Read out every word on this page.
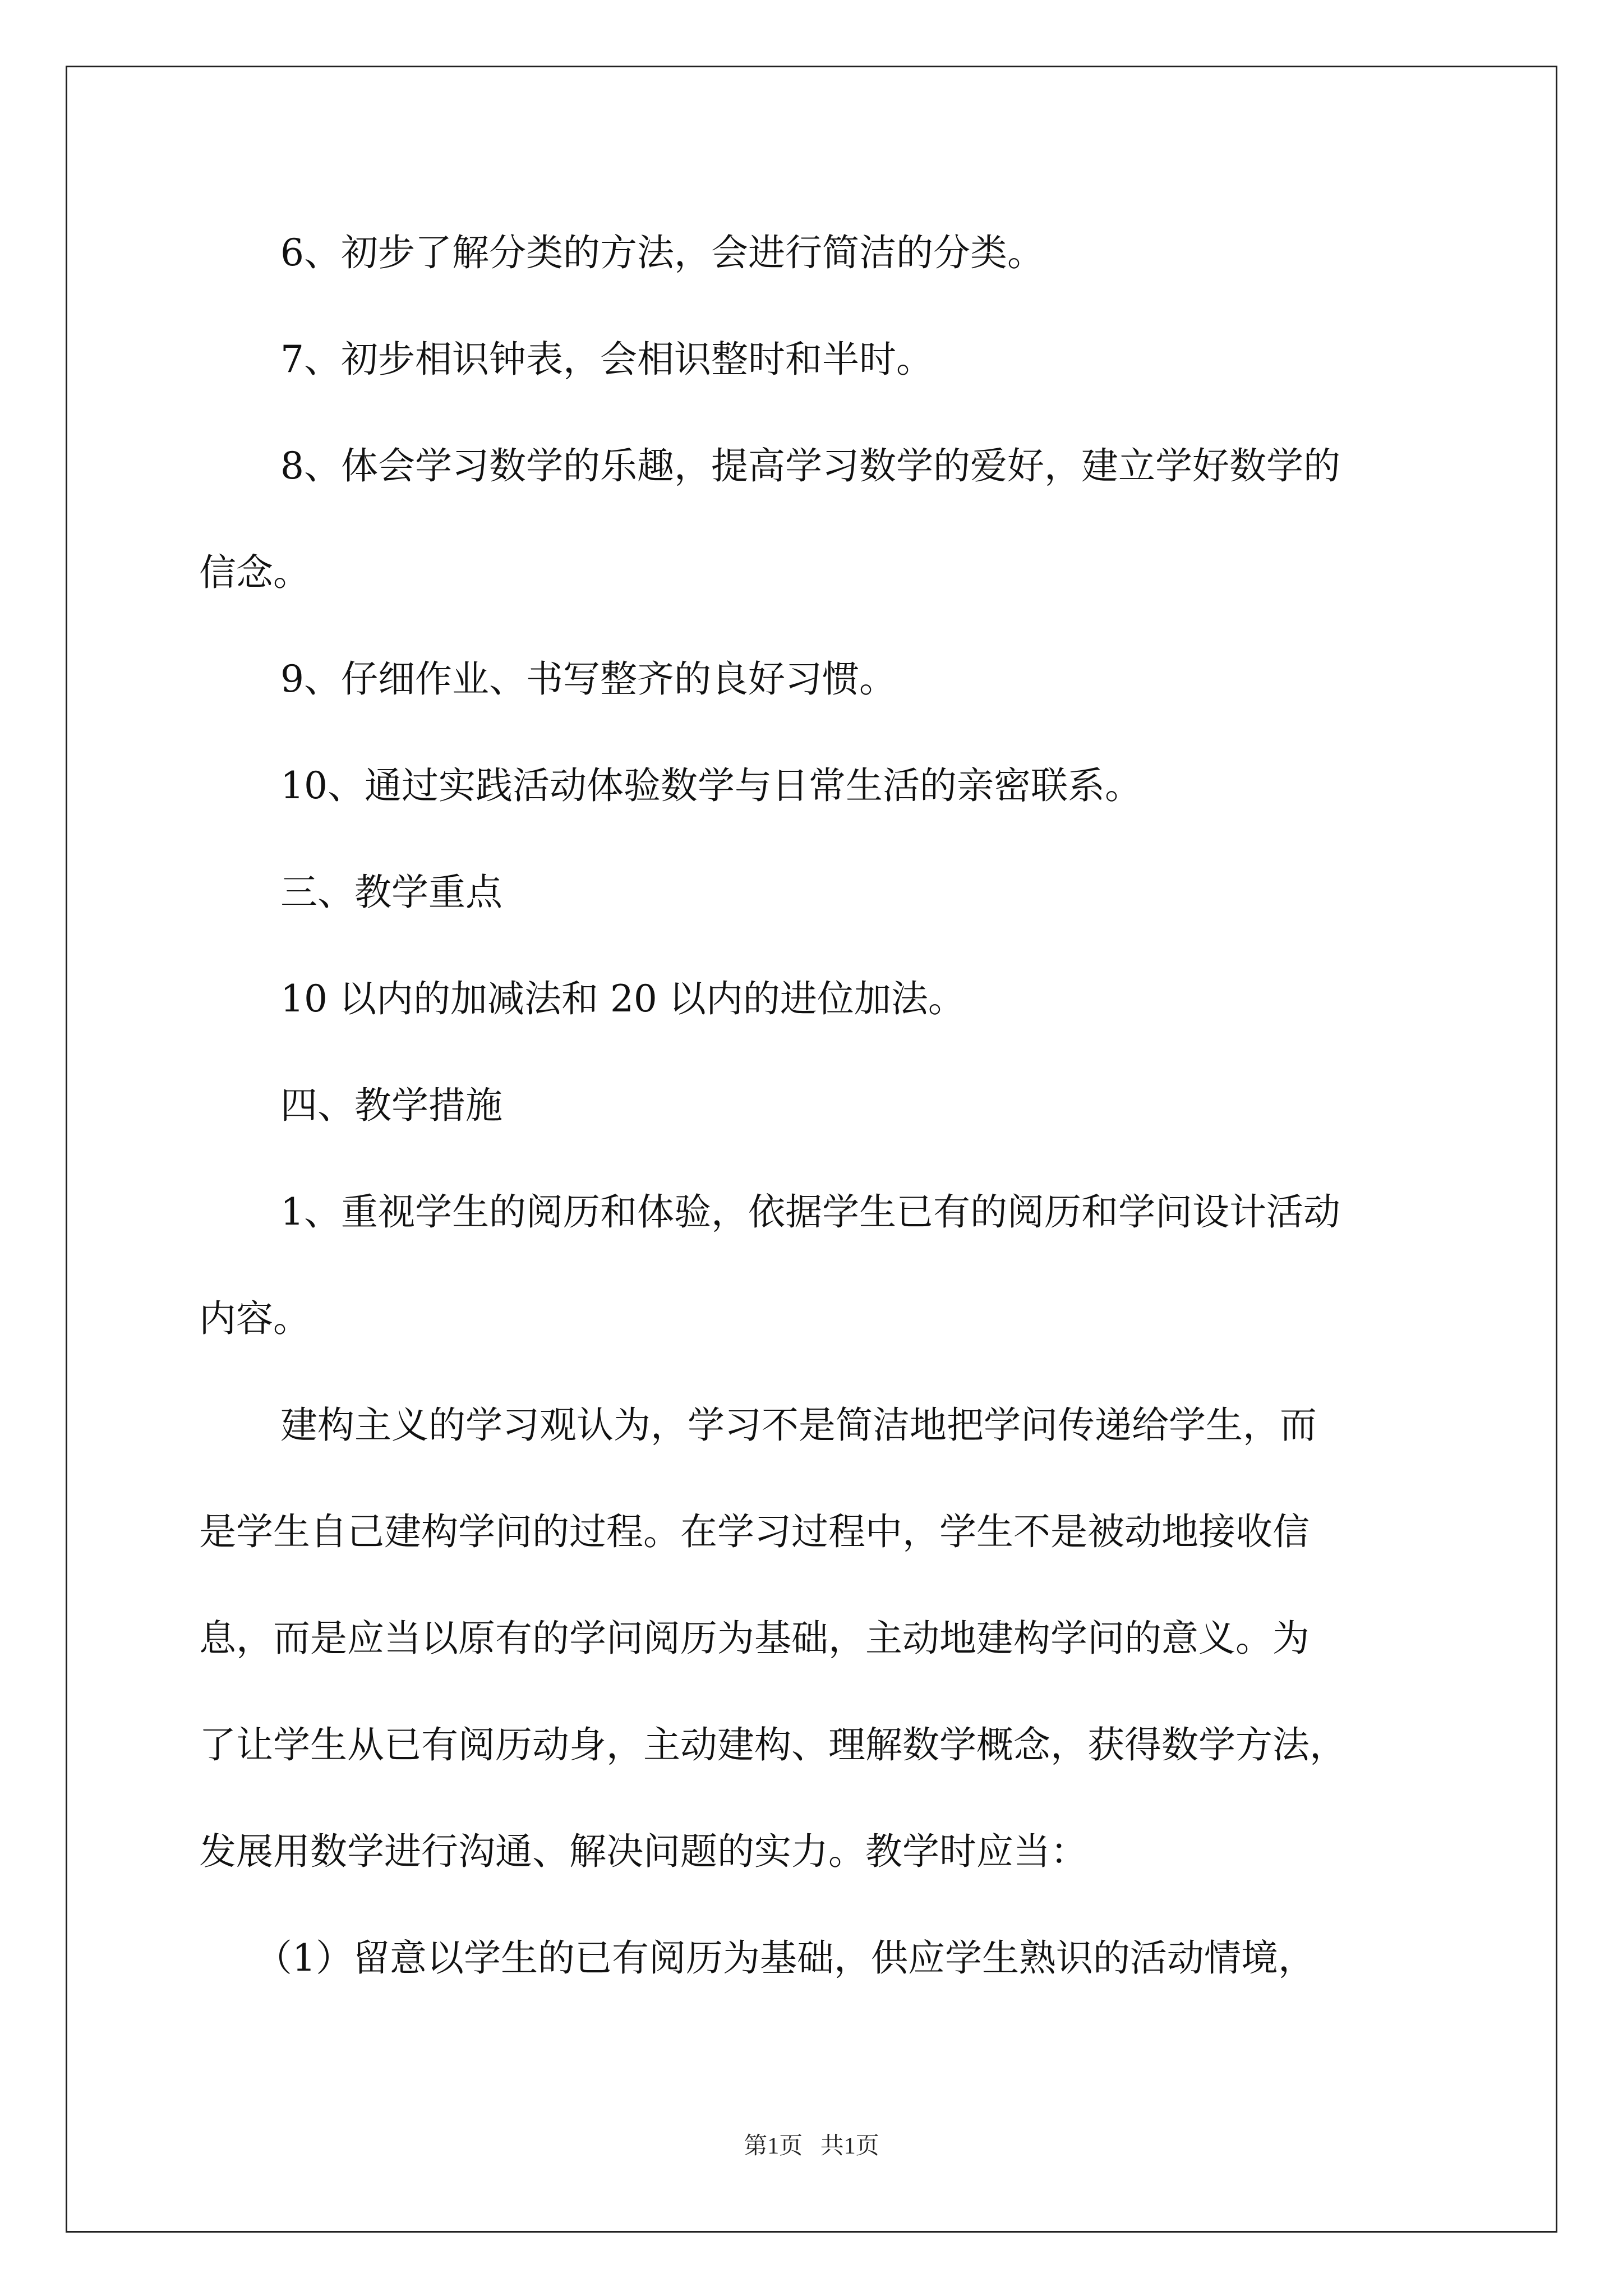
6、初步了解分类的方法，会进行简洁的分类。
7、初步相识钟表，会相识整时和半时。
8、体会学习数学的乐趣，提高学习数学的爱好，建立学好数学的
信念。
9、仔细作业、书写整齐的良好习惯。
10、通过实践活动体验数学与日常生活的亲密联系。
三、教学重点
10 以内的加减法和 20 以内的进位加法。
四、教学措施
1、重视学生的阅历和体验，依据学生已有的阅历和学问设计活动
内容。
建构主义的学习观认为，学习不是简洁地把学问传递给学生，而
是学生自己建构学问的过程。在学习过程中，学生不是被动地接收信
息，而是应当以原有的学问阅历为基础，主动地建构学问的意义。为
了让学生从已有阅历动身，主动建构、理解数学概念，获得数学方法，
发展用数学进行沟通、解决问题的实力。教学时应当：
（1）留意以学生的已有阅历为基础，供应学生熟识的活动情境，
第1页   共1页
